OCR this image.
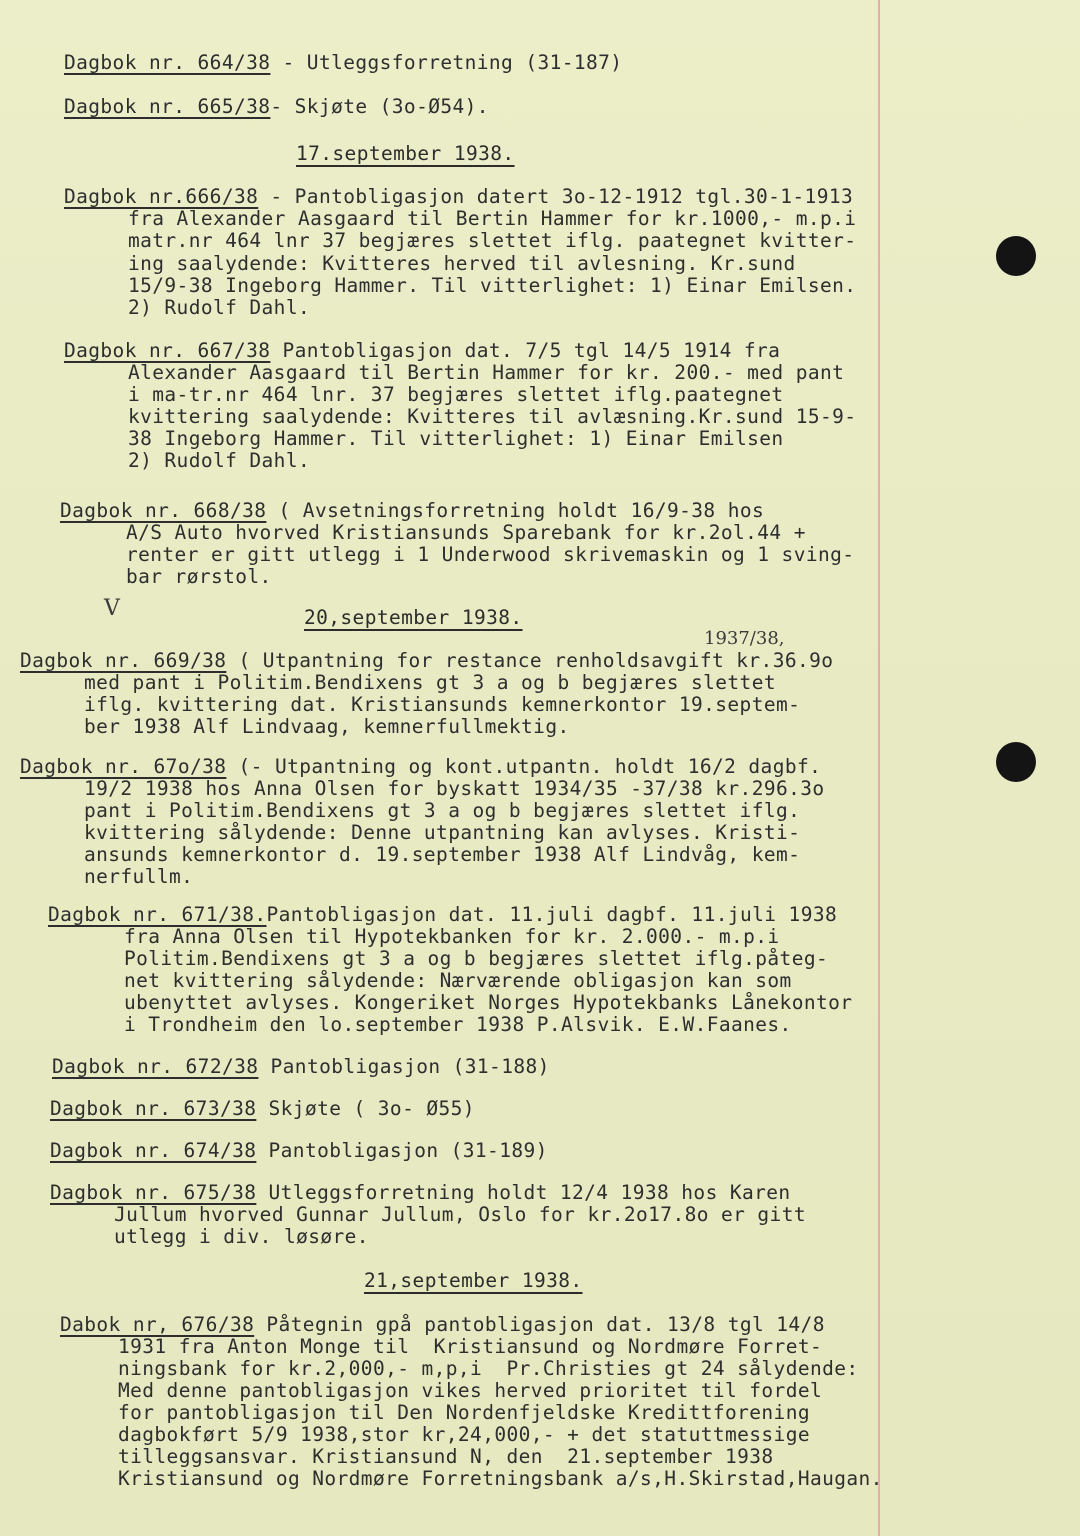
Dagbok nr. 664/38 - Utleggsforretning (31-187)
Dagbok nr. 665/38- Skjøte (3o-Ø54).
17.september 1938.
Dagbok nr.666/38 - Pantobligasjon datert 3o-12-1912 tgl.30-1-1913
fra Alexander Aasgaard til Bertin Hammer for kr.1000,- m.p.i
matr.nr 464 lnr 37 begjæres slettet iflg. paategnet kvitter-
ing saalydende: Kvitteres herved til avlesning. Kr.sund
15/9-38 Ingeborg Hammer. Til vitterlighet: 1) Einar Emilsen.
2) Rudolf Dahl.
Dagbok nr. 667/38 Pantobligasjon dat. 7/5 tgl 14/5 1914 fra
Alexander Aasgaard til Bertin Hammer for kr. 200.- med pant
i ma-tr.nr 464 lnr. 37 begjæres slettet iflg.paategnet
kvittering saalydende: Kvitteres til avlæsning.Kr.sund 15-9-
38 Ingeborg Hammer. Til vitterlighet: 1) Einar Emilsen
2) Rudolf Dahl.
Dagbok nr. 668/38 ( Avsetningsforretning holdt 16/9-38 hos
A/S Auto hvorved Kristiansunds Sparebank for kr.2ol.44 +
renter er gitt utlegg i 1 Underwood skrivemaskin og 1 sving-
bar rørstol.
V	20,september 1938.
1937/38,
Dagbok nr. 669/38 ( Utpantning for restance renholdsavgift kr.36.9o
med pant i Politim.Bendixens gt 3 a og b begjæres slettet
iflg. kvittering dat. Kristiansunds kemnerkontor 19.septem-
ber 1938 Alf Lindvaag, kemnerfullmektig.
Dagbok nr. 67o/38 (- Utpantning og kont.utpantn. holdt 16/2 dagbf.
19/2 1938 hos Anna Olsen for byskatt 1934/35 -37/38 kr.296.3o
pant i Politim.Bendixens gt 3 a og b begjæres slettet iflg.
kvittering sålydende: Denne utpantning kan avlyses. Kristi-
ansunds kemnerkontor d. 19.september 1938 Alf Lindvåg, kem-
nerfullm.
Dagbok nr. 671/38.Pantobligasjon dat. 11.juli dagbf. 11.juli 1938
fra Anna Olsen til Hypotekbanken for kr. 2.000.- m.p.i
Politim.Bendixens gt 3 a og b begjæres slettet iflg.påteg-
net kvittering sålydende: Nærværende obligasjon kan som
ubenyttet avlyses. Kongeriket Norges Hypotekbanks Lånekontor
i Trondheim den lo.september 1938 P.Alsvik. E.W.Faanes.
Dagbok nr. 672/38 Pantobligasjon (31-188)
Dagbok nr. 673/38 Skjøte ( 3o- Ø55)
Dagbok nr. 674/38 Pantobligasjon (31-189)
Dagbok nr. 675/38 Utleggsforretning holdt 12/4 1938 hos Karen
Jullum hvorved Gunnar Jullum, Oslo for kr.2o17.8o er gitt
utlegg i div. løsøre.
21,september 1938.
Dabok nr, 676/38 Påtegnin gpå pantobligasjon dat. 13/8 tgl 14/8
1931 fra Anton Monge til  Kristiansund og Nordmøre Forret-
ningsbank for kr.2,000,- m,p,i  Pr.Christies gt 24 sålydende:
Med denne pantobligasjon vikes herved prioritet til fordel
for pantobligasjon til Den Nordenfjeldske Kredittforening
dagbokført 5/9 1938,stor kr,24,000,- + det statuttmessige
tilleggsansvar. Kristiansund N, den  21.september 1938
Kristiansund og Nordmøre Forretningsbank a/s,H.Skirstad,Haugan.
